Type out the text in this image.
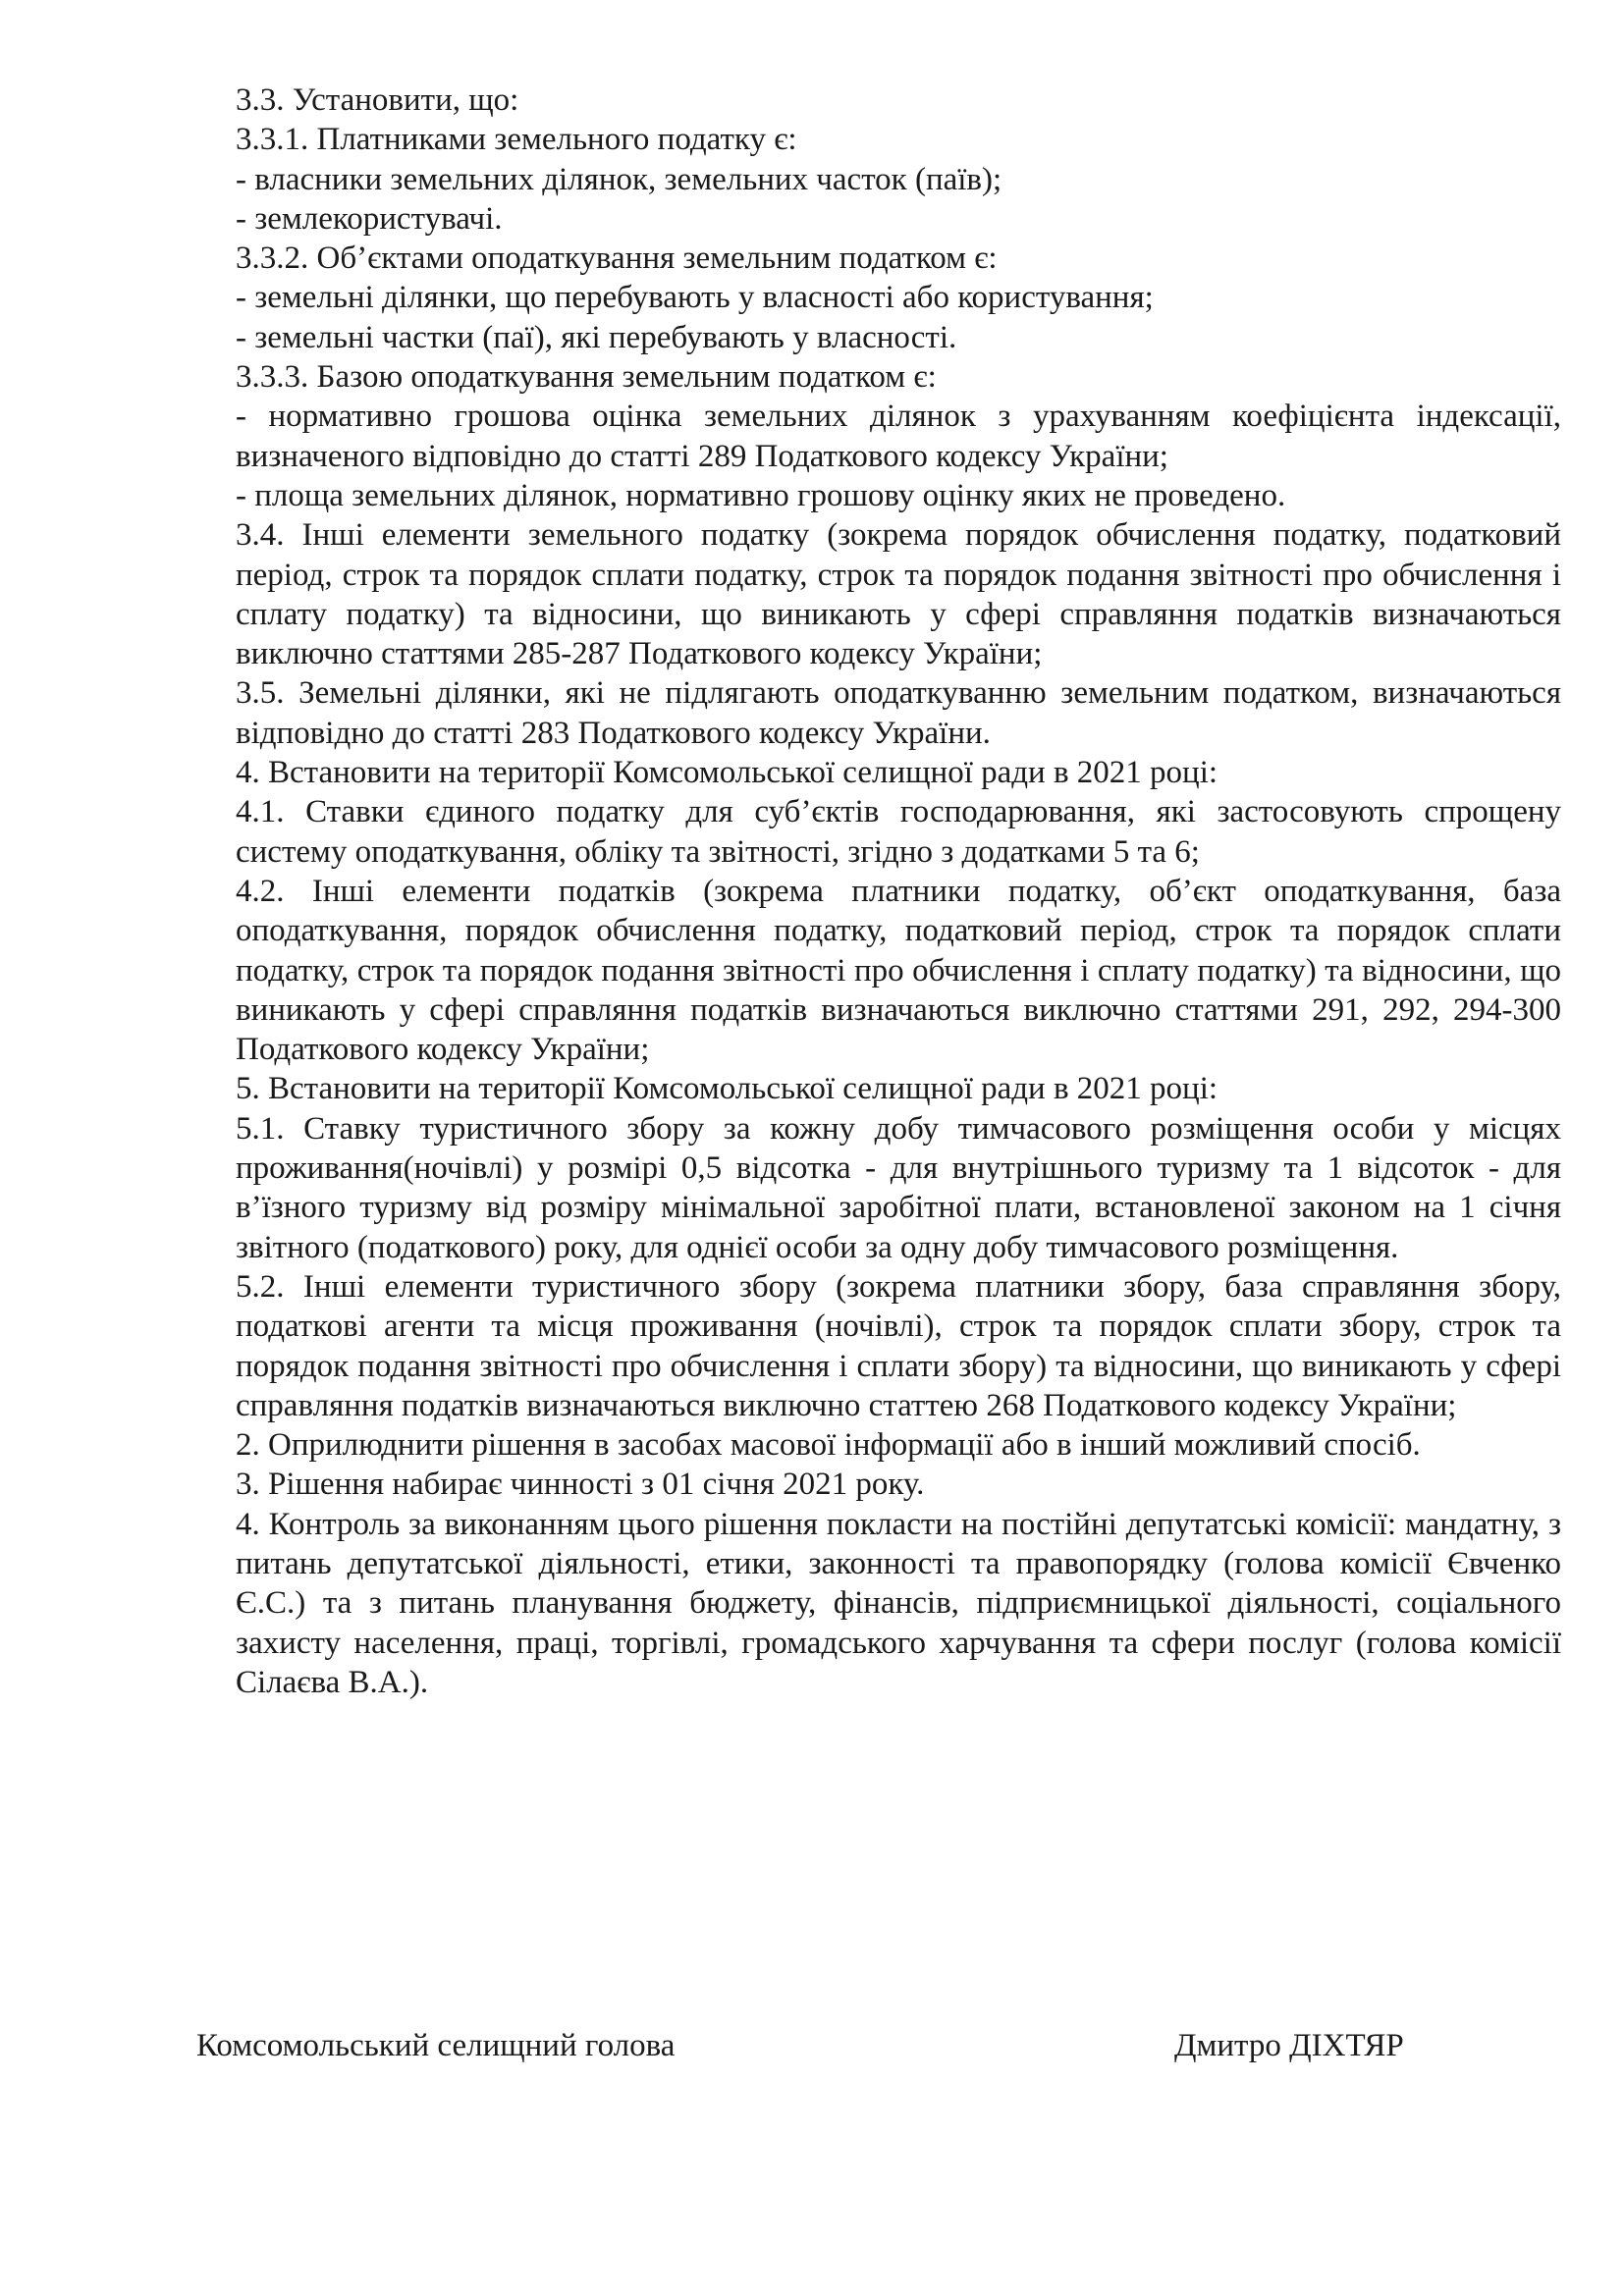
3.3. Установити, що:

3.3.1. Платниками земельного податку є:

- власники земельних ділянок, земельних часток (паїв);

- землекористувачі.

3.3.2. Об’єктами оподаткування земельним податком є:

- земельні ділянки, що перебувають у власності або користування;

- земельні частки (паї), які перебувають у власності.

3.3.3. Базою оподаткування земельним податком є:

- нормативно грошова оцінка земельних ділянок з урахуванням коефіцієнта індексації, визначеного відповідно до статті 289 Податкового кодексу України;

- площа земельних ділянок, нормативно грошову оцінку яких не проведено.

3.4. Інші елементи земельного податку (зокрема порядок обчислення податку, податковий період, строк та порядок сплати податку, строк та порядок подання звітності про обчислення і сплату податку) та відносини, що виникають у сфері справляння податків визначаються виключно статтями 285-287 Податкового кодексу України;

3.5. Земельні ділянки, які не підлягають оподаткуванню земельним податком, визначаються відповідно до статті 283 Податкового кодексу України.

4. Встановити на території Комсомольської селищної ради в 2021 році:

4.1. Ставки єдиного податку для суб’єктів господарювання, які застосовують спрощену систему оподаткування, обліку та звітності, згідно з додатками 5 та 6;

4.2. Інші елементи податків (зокрема платники податку, об’єкт оподаткування, база оподаткування, порядок обчислення податку, податковий період, строк та порядок сплати податку, строк та порядок подання звітності про обчислення і сплату податку) та відносини, що виникають у сфері справляння податків визначаються виключно статтями 291, 292, 294-300 Податкового кодексу України;

5. Встановити на території Комсомольської селищної ради в 2021 році:

5.1. Ставку туристичного збору за кожну добу тимчасового розміщення особи у місцях проживання(ночівлі) у розмірі 0,5 відсотка - для внутрішнього туризму та 1 відсоток - для в’їзного туризму від розміру мінімальної заробітної плати, встановленої законом на 1 січня звітного (податкового) року, для однієї особи за одну добу тимчасового розміщення.

5.2. Інші елементи туристичного збору (зокрема платники збору, база справляння збору, податкові агенти та місця проживання (ночівлі), строк та порядок сплати збору, строк та порядок подання звітності про обчислення і сплати збору) та відносини, що виникають у сфері справляння податків визначаються виключно статтею 268 Податкового кодексу України;

2. Оприлюднити рішення в засобах масової інформації або в інший можливий спосіб.

3. Рішення набирає чинності з 01 січня 2021 року.

4. Контроль за виконанням цього рішення покласти на постійні депутатські комісії: мандатну, з питань депутатської діяльності, етики, законності та правопорядку (голова комісії Євченко Є.С.) та з питань планування бюджету, фінансів, підприємницької діяльності, соціального захисту населення, праці, торгівлі, громадського харчування та сфери послуг (голова комісії Сілаєва В.А.).

Комсомольський селищний голова	Дмитро ДІХТЯР
